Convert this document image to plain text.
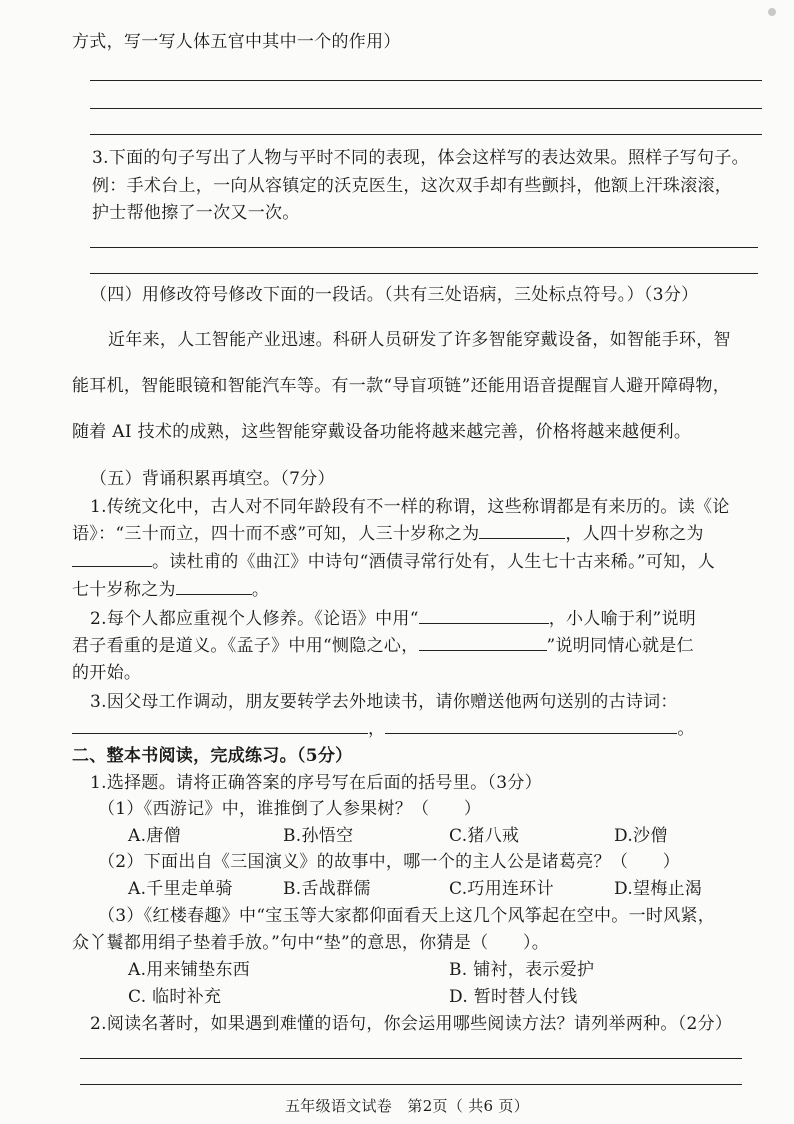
方式，写一写人体五官中其中一个的作用）
3.下面的句子写出了人物与平时不同的表现，体会这样写的表达效果。照样子写句子。
例：手术台上，一向从容镇定的沃克医生，这次双手却有些颤抖，他额上汗珠滚滚，
护士帮他擦了一次又一次。
（四）用修改符号修改下面的一段话。（共有三处语病，三处标点符号。）（3分）
近年来，人工智能产业迅速。科研人员研发了许多智能穿戴设备，如智能手环，智
能耳机，智能眼镜和智能汽车等。有一款“导盲项链”还能用语音提醒盲人避开障碍物，
随着 AI 技术的成熟，这些智能穿戴设备功能将越来越完善，价格将越来越便利。
（五）背诵积累再填空。（7分）
1.传统文化中，古人对不同年龄段有不一样的称谓，这些称谓都是有来历的。读《论
语》：“三十而立，四十而不惑”可知，人三十岁称之为	，人四十岁称之为
。读杜甫的《曲江》中诗句“酒债寻常行处有，人生七十古来稀。”可知，人
七十岁称之为	。
2.每个人都应重视个人修养。《论语》中用“	，小人喻于利”说明
君子看重的是道义。《孟子》中用“恻隐之心，	”说明同情心就是仁
的开始。
3.因父母工作调动，朋友要转学去外地读书，请你赠送他两句送别的古诗词：
，	。
二、整本书阅读，完成练习。（5分）
1.选择题。请将正确答案的序号写在后面的括号里。（3分）
（1）《西游记》中，谁推倒了人参果树？（　　）
A.唐僧	B.孙悟空	C.猪八戒	D.沙僧
（2）下面出自《三国演义》的故事中，哪一个的主人公是诸葛亮？（　　）
A.千里走单骑	B.舌战群儒	C.巧用连环计	D.望梅止渴
（3）《红楼春趣》中“宝玉等大家都仰面看天上这几个风筝起在空中。一时风紧，
众丫鬟都用绢子垫着手放。”句中“垫”的意思，你猜是（　　）。
A.用来铺垫东西	B. 铺衬，表示爱护
C. 临时补充	D. 暂时替人付钱
2.阅读名著时，如果遇到难懂的语句，你会运用哪些阅读方法？请列举两种。（2分）
五年级语文试卷　第2页（ 共6 页）
